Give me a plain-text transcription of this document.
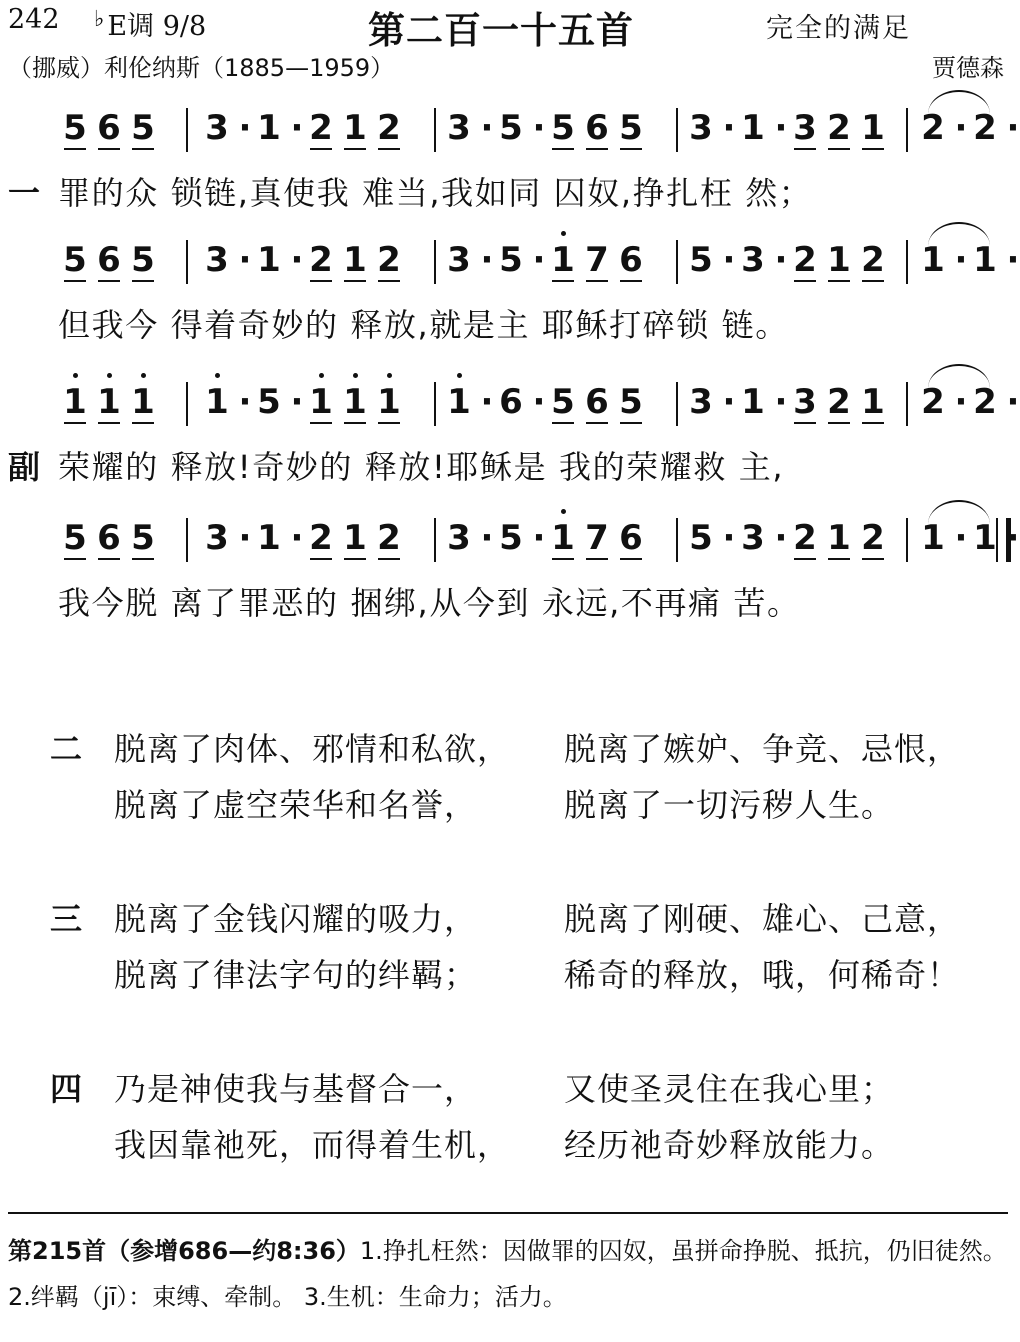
242 ♭ E调 9/8	第二百一十五首	完全的满足
（挪威）利伦纳斯（1885—1959）	贾德森
5 6 5 3 · 1 · 2 1 2 3 · 5 · 5 6 5 3 · 1 · 3 2 1 2 · 2 ·
一 罪的众 锁链,真使我 难当,我如同 囚奴,挣扎枉 然；
5 6 5 3 · 1 · 2 1 2 3 · 5 · 1 7 6 5 · 3 · 2 1 2 1 · 1 ·
但我今 得着奇妙的 释放,就是主 耶稣打碎锁 链。
1 1 1 1 · 5 · 1 1 1 1 · 6 · 5 6 5 3 · 1 · 3 2 1 2 · 2 ·
副 荣耀的 释放!奇妙的 释放!耶稣是 我的荣耀救 主,
5 6 5 3 · 1 · 2 1 2 3 · 5 · 1 7 6 5 · 3 · 2 1 2 1 · 1 ·
我今脱 离了罪恶的 捆绑,从今到 永远,不再痛 苦。
二 脱离了肉体、邪情和私欲， 脱离了嫉妒、争竞、忌恨，
脱离了虚空荣华和名誉，	脱离了一切污秽人生。
三 脱离了金钱闪耀的吸力，	脱离了刚硬、雄心、己意，
脱离了律法字句的绊羁；	稀奇的释放，哦，何稀奇！
四 乃是神使我与基督合一，	又使圣灵住在我心里；
我因靠祂死，而得着生机， 经历祂奇妙释放能力。
第215首（参增686—约8:36）1.挣扎枉然：因做罪的囚奴，虽拼命挣脱、抵抗，仍旧徒然。 2.绊羁（jī）：束缚、牵制。 3.生机：生命力；活力。
